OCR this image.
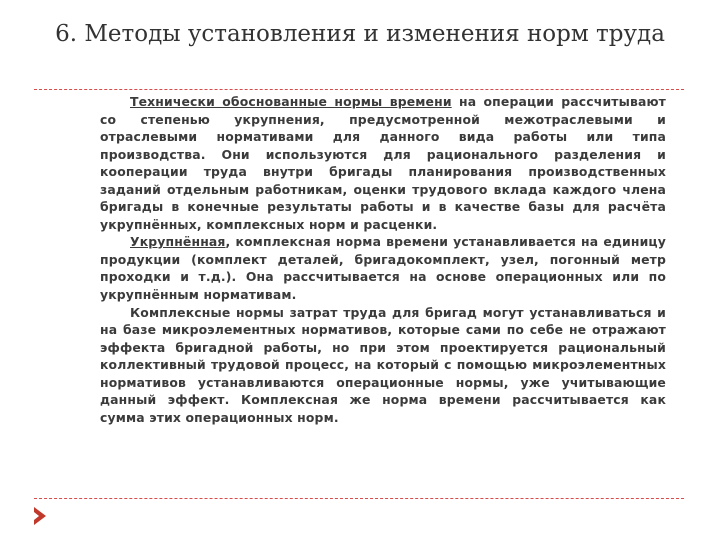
6. Методы установления и изменения норм труда

Технически обоснованные нормы времени на операции рассчитывают со степенью укрупнения, предусмотренной межотраслевыми и отраслевыми нормативами для данного вида работы или типа производства. Они используются для рационального разделения и кооперации труда внутри бригады планирования производственных заданий отдельным работникам, оценки трудового вклада каждого члена бригады в конечные результаты работы и в качестве базы для расчёта укрупнённых, комплексных норм и расценки.

Укрупнённая, комплексная норма времени устанавливается на единицу продукции (комплект деталей, бригадокомплект, узел, погонный метр проходки и т.д.). Она рассчитывается на основе операционных или по укрупнённым нормативам.

Комплексные нормы затрат труда для бригад могут устанавливаться и на базе микроэлементных нормативов, которые сами по себе не отражают эффекта бригадной работы, но при этом проектируется рациональный коллективный трудовой процесс, на который с помощью микроэлементных нормативов устанавливаются операционные нормы, уже учитывающие данный эффект. Комплексная же норма времени рассчитывается как сумма этих операционных норм.
